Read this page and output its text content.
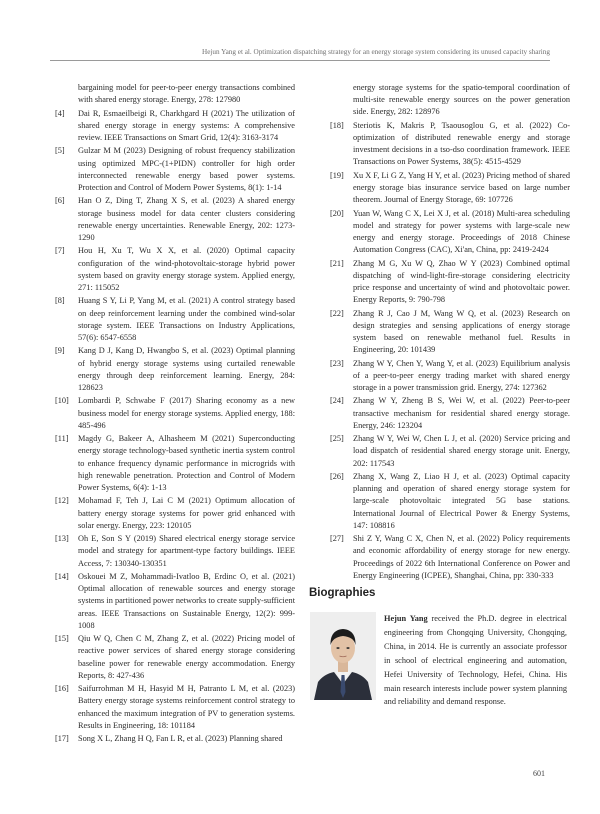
Hejun Yang et al. Optimization dispatching strategy for an energy storage system considering its unused capacity sharing
bargaining model for peer-to-peer energy transactions combined with shared energy storage. Energy, 278: 127980
[4] Dai R, Esmaeilbeigi R, Charkhgard H (2021) The utilization of shared energy storage in energy systems: A comprehensive review. IEEE Transactions on Smart Grid, 12(4): 3163-3174
[5] Gulzar M M (2023) Designing of robust frequency stabilization using optimized MPC-(1+PIDN) controller for high order interconnected renewable energy based power systems. Protection and Control of Modern Power Systems, 8(1): 1-14
[6] Han O Z, Ding T, Zhang X S, et al. (2023) A shared energy storage business model for data center clusters considering renewable energy uncertainties. Renewable Energy, 202: 1273-1290
[7] Hou H, Xu T, Wu X X, et al. (2020) Optimal capacity configuration of the wind-photovoltaic-storage hybrid power system based on gravity energy storage system. Applied energy, 271: 115052
[8] Huang S Y, Li P, Yang M, et al. (2021) A control strategy based on deep reinforcement learning under the combined wind-solar storage system. IEEE Transactions on Industry Applications, 57(6): 6547-6558
[9] Kang D J, Kang D, Hwangbo S, et al. (2023) Optimal planning of hybrid energy storage systems using curtailed renewable energy through deep reinforcement learning. Energy, 284: 128623
[10] Lombardi P, Schwabe F (2017) Sharing economy as a new business model for energy storage systems. Applied energy, 188: 485-496
[11] Magdy G, Bakeer A, Alhasheem M (2021) Superconducting energy storage technology-based synthetic inertia system control to enhance frequency dynamic performance in microgrids with high renewable penetration. Protection and Control of Modern Power Systems, 6(4): 1-13
[12] Mohamad F, Teh J, Lai C M (2021) Optimum allocation of battery energy storage systems for power grid enhanced with solar energy. Energy, 223: 120105
[13] Oh E, Son S Y (2019) Shared electrical energy storage service model and strategy for apartment-type factory buildings. IEEE Access, 7: 130340-130351
[14] Oskouei M Z, Mohammadi-Ivatloo B, Erdinc O, et al. (2021) Optimal allocation of renewable sources and energy storage systems in partitioned power networks to create supply-sufficient areas. IEEE Transactions on Sustainable Energy, 12(2): 999-1008
[15] Qiu W Q, Chen C M, Zhang Z, et al. (2022) Pricing model of reactive power services of shared energy storage considering baseline power for renewable energy accommodation. Energy Reports, 8: 427-436
[16] Saifurrohman M H, Hasyid M H, Patranto L M, et al. (2023) Battery energy storage systems reinforcement control strategy to enhanced the maximum integration of PV to generation systems. Results in Engineering, 18: 101184
[17] Song X L, Zhang H Q, Fan L R, et al. (2023) Planning shared
energy storage systems for the spatio-temporal coordination of multi-site renewable energy sources on the power generation side. Energy, 282: 128976
[18] Steriotis K, Makris P, Tsaousoglou G, et al. (2022) Co-optimization of distributed renewable energy and storage investment decisions in a tso-dso coordination framework. IEEE Transactions on Power Systems, 38(5): 4515-4529
[19] Xu X F, Li G Z, Yang H Y, et al. (2023) Pricing method of shared energy storage bias insurance service based on large number theorem. Journal of Energy Storage, 69: 107726
[20] Yuan W, Wang C X, Lei X J, et al. (2018) Multi-area scheduling model and strategy for power systems with large-scale new energy and energy storage. Proceedings of 2018 Chinese Automation Congress (CAC), Xi'an, China, pp: 2419-2424
[21] Zhang M G, Xu W Q, Zhao W Y (2023) Combined optimal dispatching of wind-light-fire-storage considering electricity price response and uncertainty of wind and photovoltaic power. Energy Reports, 9: 790-798
[22] Zhang R J, Cao J M, Wang W Q, et al. (2023) Research on design strategies and sensing applications of energy storage system based on renewable methanol fuel. Results in Engineering, 20: 101439
[23] Zhang W Y, Chen Y, Wang Y, et al. (2023) Equilibrium analysis of a peer-to-peer energy trading market with shared energy storage in a power transmission grid. Energy, 274: 127362
[24] Zhang W Y, Zheng B S, Wei W, et al. (2022) Peer-to-peer transactive mechanism for residential shared energy storage. Energy, 246: 123204
[25] Zhang W Y, Wei W, Chen L J, et al. (2020) Service pricing and load dispatch of residential shared energy storage unit. Energy, 202: 117543
[26] Zhang X, Wang Z, Liao H J, et al. (2023) Optimal capacity planning and operation of shared energy storage system for large-scale photovoltaic integrated 5G base stations. International Journal of Electrical Power & Energy Systems, 147: 108816
[27] Shi Z Y, Wang C X, Chen N, et al. (2022) Policy requirements and economic affordability of energy storage for new energy. Proceedings of 2022 6th International Conference on Power and Energy Engineering (ICPEE), Shanghai, China, pp: 330-333
Biographies
Hejun Yang received the Ph.D. degree in electrical engineering from Chongqing University, Chongqing, China, in 2014. He is currently an associate professor in school of electrical engineering and automation, Hefei University of Technology, Hefei, China. His main research interests include power system planning and reliability and demand response.
601
